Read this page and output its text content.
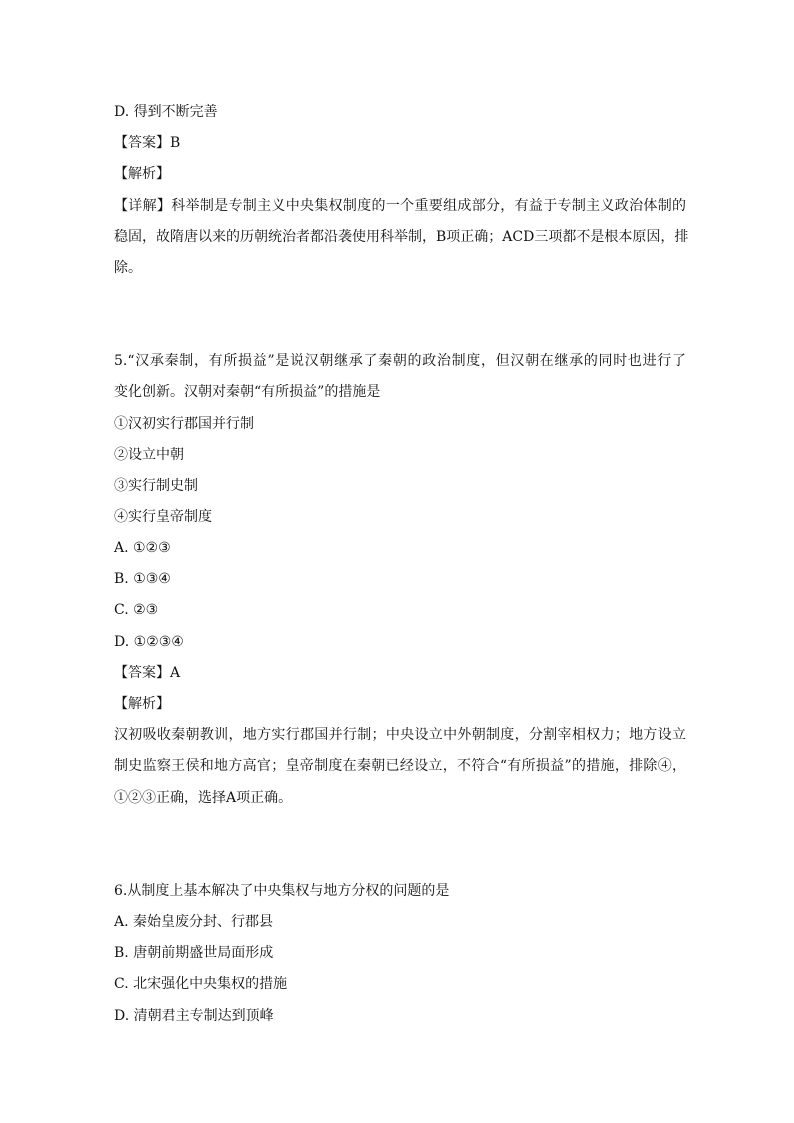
D. 得到不断完善

【答案】B

【解析】

【详解】科举制是专制主义中央集权制度的一个重要组成部分，有益于专制主义政治体制的

稳固，故隋唐以来的历朝统治者都沿袭使用科举制，B项正确；ACD三项都不是根本原因，排

除。

5.“汉承秦制，有所损益”是说汉朝继承了秦朝的政治制度，但汉朝在继承的同时也进行了

变化创新。汉朝对秦朝“有所损益”的措施是

①汉初实行郡国并行制

②设立中朝

③实行制史制

④实行皇帝制度

A. ①②③

B. ①③④

C. ②③

D. ①②③④

【答案】A

【解析】

汉初吸收秦朝教训，地方实行郡国并行制；中央设立中外朝制度，分割宰相权力；地方设立

制史监察王侯和地方高官；皇帝制度在秦朝已经设立，不符合“有所损益”的措施，排除④，

①②③正确，选择A项正确。

6.从制度上基本解决了中央集权与地方分权的问题的是

A. 秦始皇废分封、行郡县

B. 唐朝前期盛世局面形成

C. 北宋强化中央集权的措施

D. 清朝君主专制达到顶峰
